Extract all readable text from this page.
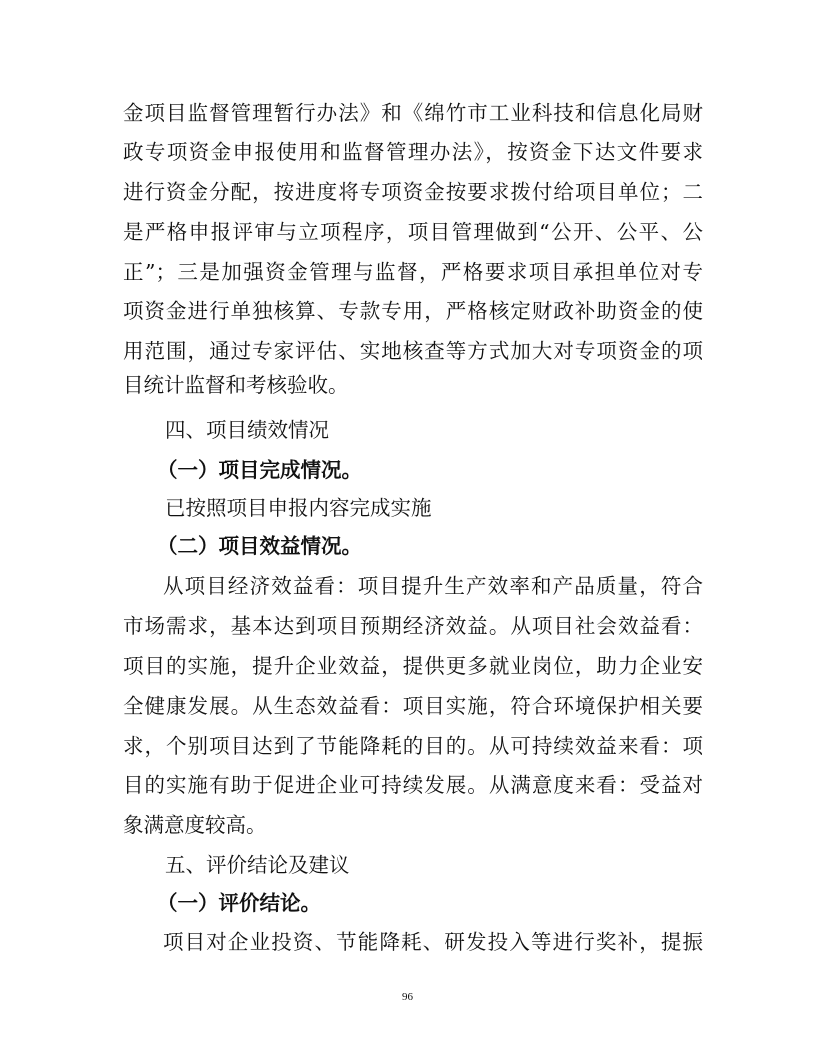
金项目监督管理暂行办法》和《绵竹市工业科技和信息化局财
政专项资金申报使用和监督管理办法》，按资金下达文件要求
进行资金分配，按进度将专项资金按要求拨付给项目单位；二
是严格申报评审与立项程序，项目管理做到“公开、公平、公
正”；三是加强资金管理与监督，严格要求项目承担单位对专
项资金进行单独核算、专款专用，严格核定财政补助资金的使
用范围，通过专家评估、实地核查等方式加大对专项资金的项
目统计监督和考核验收。
四、项目绩效情况
（一）项目完成情况。
已按照项目申报内容完成实施
（二）项目效益情况。
从项目经济效益看：项目提升生产效率和产品质量，符合
市场需求，基本达到项目预期经济效益。从项目社会效益看：
项目的实施，提升企业效益，提供更多就业岗位，助力企业安
全健康发展。从生态效益看：项目实施，符合环境保护相关要
求，个别项目达到了节能降耗的目的。从可持续效益来看：项
目的实施有助于促进企业可持续发展。从满意度来看：受益对
象满意度较高。
五、评价结论及建议
96
（一）评价结论。
项目对企业投资、节能降耗、研发投入等进行奖补，提振
